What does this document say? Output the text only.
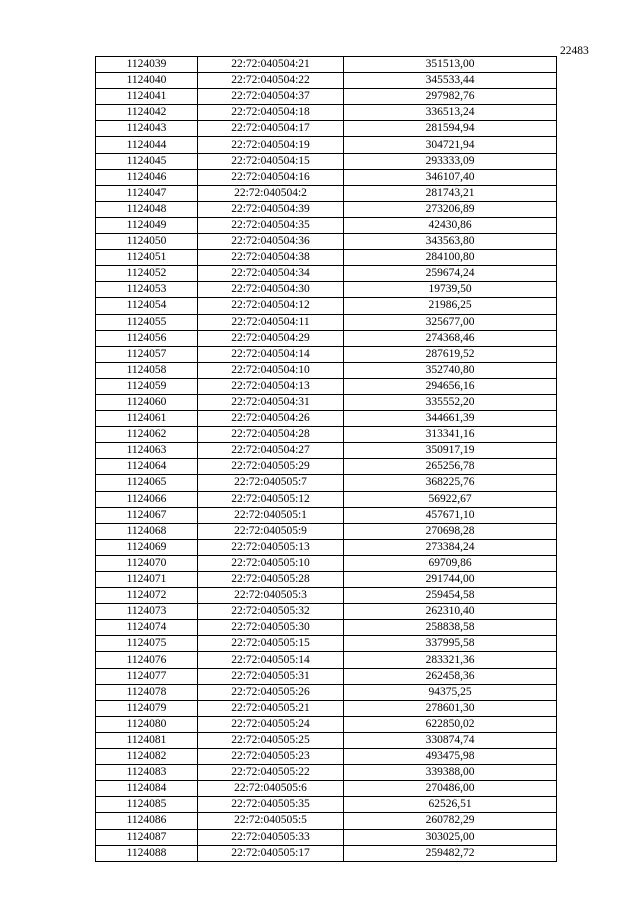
22483
1124039	22:72:040504:21	351513,00
1124040	22:72:040504:22	345533,44
1124041	22:72:040504:37	297982,76
1124042	22:72:040504:18	336513,24
1124043	22:72:040504:17	281594,94
1124044	22:72:040504:19	304721,94
1124045	22:72:040504:15	293333,09
1124046	22:72:040504:16	346107,40
1124047	22:72:040504:2	281743,21
1124048	22:72:040504:39	273206,89
1124049	22:72:040504:35	42430,86
1124050	22:72:040504:36	343563,80
1124051	22:72:040504:38	284100,80
1124052	22:72:040504:34	259674,24
1124053	22:72:040504:30	19739,50
1124054	22:72:040504:12	21986,25
1124055	22:72:040504:11	325677,00
1124056	22:72:040504:29	274368,46
1124057	22:72:040504:14	287619,52
1124058	22:72:040504:10	352740,80
1124059	22:72:040504:13	294656,16
1124060	22:72:040504:31	335552,20
1124061	22:72:040504:26	344661,39
1124062	22:72:040504:28	313341,16
1124063	22:72:040504:27	350917,19
1124064	22:72:040505:29	265256,78
1124065	22:72:040505:7	368225,76
1124066	22:72:040505:12	56922,67
1124067	22:72:040505:1	457671,10
1124068	22:72:040505:9	270698,28
1124069	22:72:040505:13	273384,24
1124070	22:72:040505:10	69709,86
1124071	22:72:040505:28	291744,00
1124072	22:72:040505:3	259454,58
1124073	22:72:040505:32	262310,40
1124074	22:72:040505:30	258838,58
1124075	22:72:040505:15	337995,58
1124076	22:72:040505:14	283321,36
1124077	22:72:040505:31	262458,36
1124078	22:72:040505:26	94375,25
1124079	22:72:040505:21	278601,30
1124080	22:72:040505:24	622850,02
1124081	22:72:040505:25	330874,74
1124082	22:72:040505:23	493475,98
1124083	22:72:040505:22	339388,00
1124084	22:72:040505:6	270486,00
1124085	22:72:040505:35	62526,51
1124086	22:72:040505:5	260782,29
1124087	22:72:040505:33	303025,00
1124088	22:72:040505:17	259482,72
